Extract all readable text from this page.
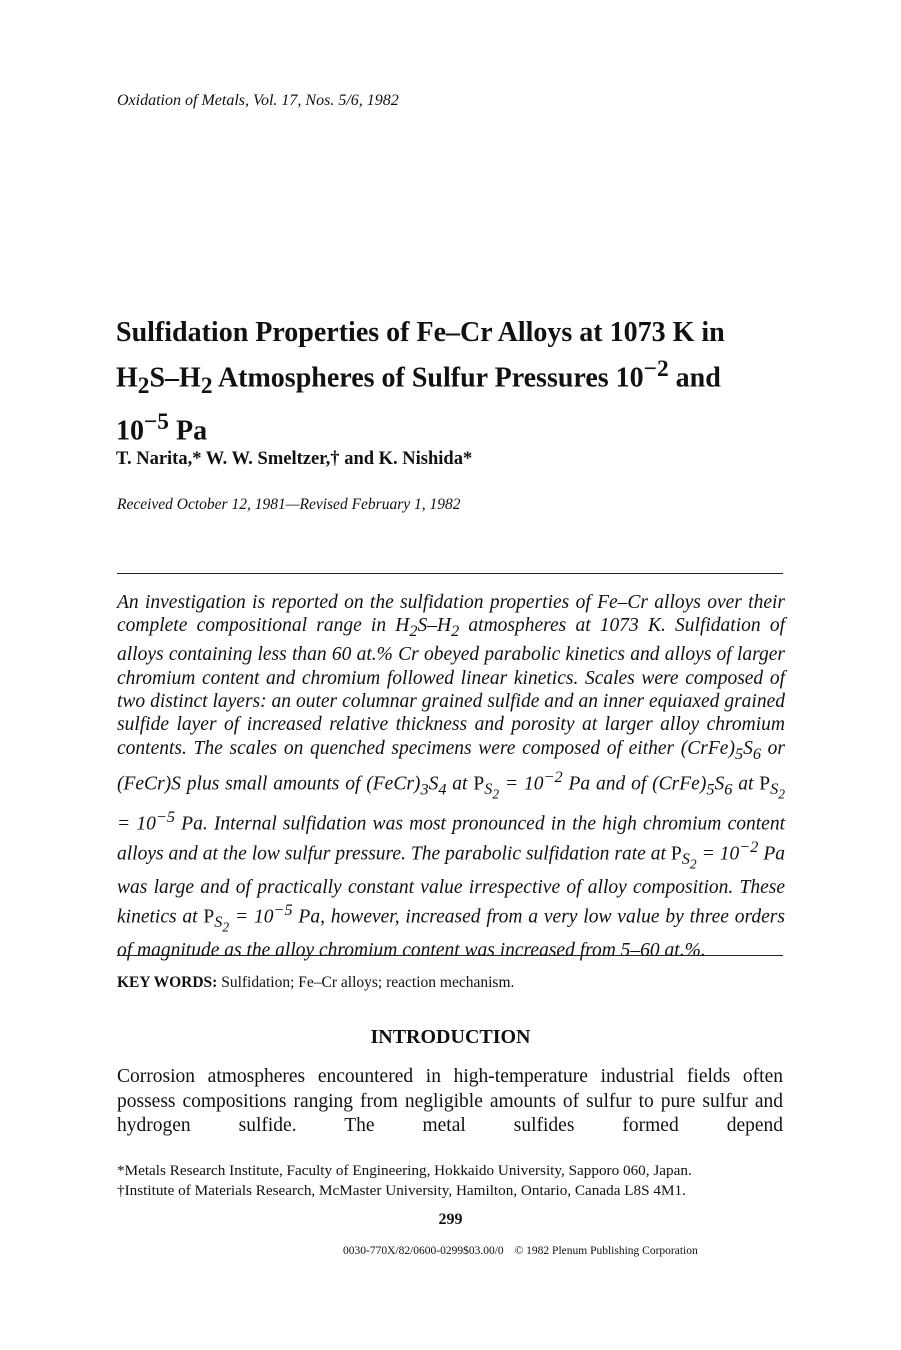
Oxidation of Metals, Vol. 17, Nos. 5/6, 1982
Sulfidation Properties of Fe–Cr Alloys at 1073 K in
$H_2S-H_2$ Atmospheres of Sulfur Pressures $10^{-2}$ and
$10^{-5}$ Pa
T. Narita,* W. W. Smeltzer,† and K. Nishida*
Received October 12, 1981—Revised February 1, 1982

An investigation is reported on the sulfidation properties of Fe–Cr alloys over their complete compositional range in $H_2S-H_2$ atmospheres at 1073 K. Sulfidation of alloys containing less than 60 at.% Cr obeyed parabolic kinetics and alloys of larger chromium content and chromium followed linear kinetics. Scales were composed of two distinct layers: an outer columnar grained sulfide and an inner equiaxed grained sulfide layer of increased relative thickness and porosity at larger alloy chromium contents. The scales on quenched specimens were composed of either $(CrFe)_5S_6$ or (FeCr)S plus small amounts of $(FeCr)_3S_4$ at $P_{S_2} = 10^{-2}$ Pa and of $(CrFe)_5S_6$ at $P_{S_2} = 10^{-5}$ Pa. Internal sulfidation was most pronounced in the high chromium content alloys and at the low sulfur pressure. The parabolic sulfidation rate at $P_{S_2} = 10^{-2}$ Pa was large and of practically constant value irrespective of alloy composition. These kinetics at $P_{S_2} = 10^{-5}$ Pa, however, increased from a very low value by three orders of magnitude as the alloy chromium content was increased from 5–60 at.%.

KEY WORDS: Sulfidation; Fe–Cr alloys; reaction mechanism.
INTRODUCTION

Corrosion atmospheres encountered in high-temperature industrial fields often possess compositions ranging from negligible amounts of sulfur to pure sulfur and hydrogen sulfide. The metal sulfides formed depend

*Metals Research Institute, Faculty of Engineering, Hokkaido University, Sapporo 060, Japan.
†Institute of Materials Research, McMaster University, Hamilton, Ontario, Canada L8S 4M1.
299
0030-770X/82/0600-0299$03.00/0 © 1982 Plenum Publishing Corporation
